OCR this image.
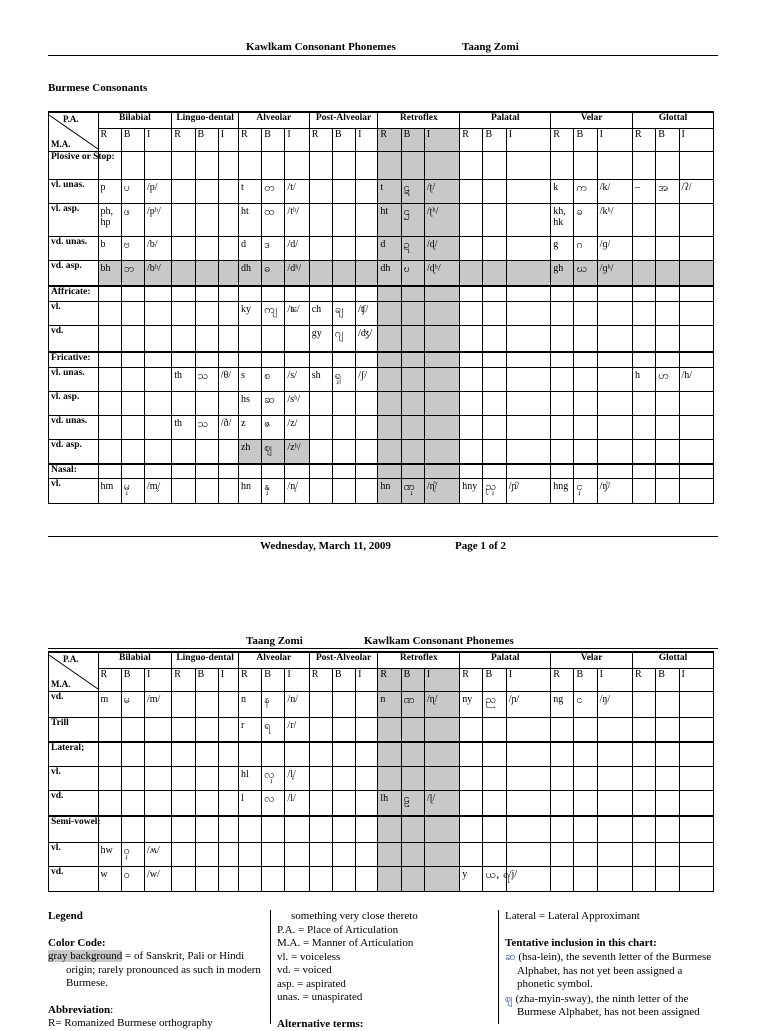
Kawlkam Consonant Phonemes	Taang Zomi
Burmese Consonants
P.A.
M.A.	Bilabial			Linguo-dental			Alveolar			Post-Alveolar			Retroflex			Palatal			Velar			Glottal		
	R	B	I	R	B	I	R	B	I	R	B	I	R	B	I	R	B	I	R	B	I	R	B	I
Plosive or Stop:																								
vl. unas.	p	ပ	/p/				t	တ	/t/				t	ဋ	/ʈ/				k	က	/k/	–	အ	/ʔ/
vl. asp.	ph, hp	ဖ	/pʰ/				ht	ထ	/tʰ/				ht	ဌ	/ʈʰ/				kh, hk	ခ	/kʰ/			
vd. unas.	b	ဗ	/b/				d	ဒ	/d/				d	ဍ	/ɖ/				g	ဂ	/ɡ/			
vd. asp.	bh	ဘ	/bʰ/				dh	ဓ	/dʰ/				dh	ဎ	/ɖʰ/				gh	ဃ	/ɡʰ/			
Affricate:																								
vl.							ky	ကျ	/ʨ/	ch	ချ	/ʧ/												
vd.										gy	ဂျ	/ʤ/												
Fricative:																								
vl. unas.				th	သ	/θ/	s	စ	/s/	sh	ရှ	/ʃ/										h	ဟ	/h/
vl. asp.							hs	ဆ	/sʰ/															
vd. unas.				th	သ	/ð/	z	ဇ	/z/															
vd. asp.							zh	ဈ	/zʰ/															
Nasal:																								
vl.	hm	မှ	/m̥/				hn	နှ	/n̥/				hn	ဏှ	/ɳ̊/	hny	ညှ	/ɲ̊/	hng	ငှ	/ŋ̊/			
Wednesday, March 11, 2009	Page 1 of 2
Taang Zomi	Kawlkam Consonant Phonemes
P.A.
M.A.	Bilabial			Linguo-dental			Alveolar			Post-Alveolar			Retroflex			Palatal			Velar			Glottal		
	R	B	I	R	B	I	R	B	I	R	B	I	R	B	I	R	B	I	R	B	I	R	B	I
vd.	m	မ	/m/				n	န	/n/				n	ဏ	/ɳ/	ny	ည	/ɲ/	ng	င	/ŋ/			
Trill							r	ရ	/r/															
Lateral;																								
vl.							hl	လှ	/l̥/															
vd.							l	လ	/l/				lh	ဠ	/ɭ/									
Semi-vowel:																								
vl.	hw	ဝှ	/ʍ/																					
vd.	w	ဝ	/w/													y	ယ, ရ	/j/						
Legend
Color Code:
gray background = of Sanskrit, Pali or Hindi origin; rarely pronounced as such in modern Burmese.
Abbreviation:
R= Romanized Burmese orthography
something very close thereto
P.A. = Place of Articulation
M.A. = Manner of Articulation
vl. = voiceless
vd. = voiced
asp. = aspirated
unas. = unaspirated
Alternative terms:
Lateral = Lateral Approximant
Tentative inclusion in this chart:
ဆ (hsa-lein), the seventh letter of the Burmese Alphabet, has not yet been assigned a phonetic symbol.
ဈ (zha-myin-sway), the ninth letter of the Burmese Alphabet, has not been assigned
